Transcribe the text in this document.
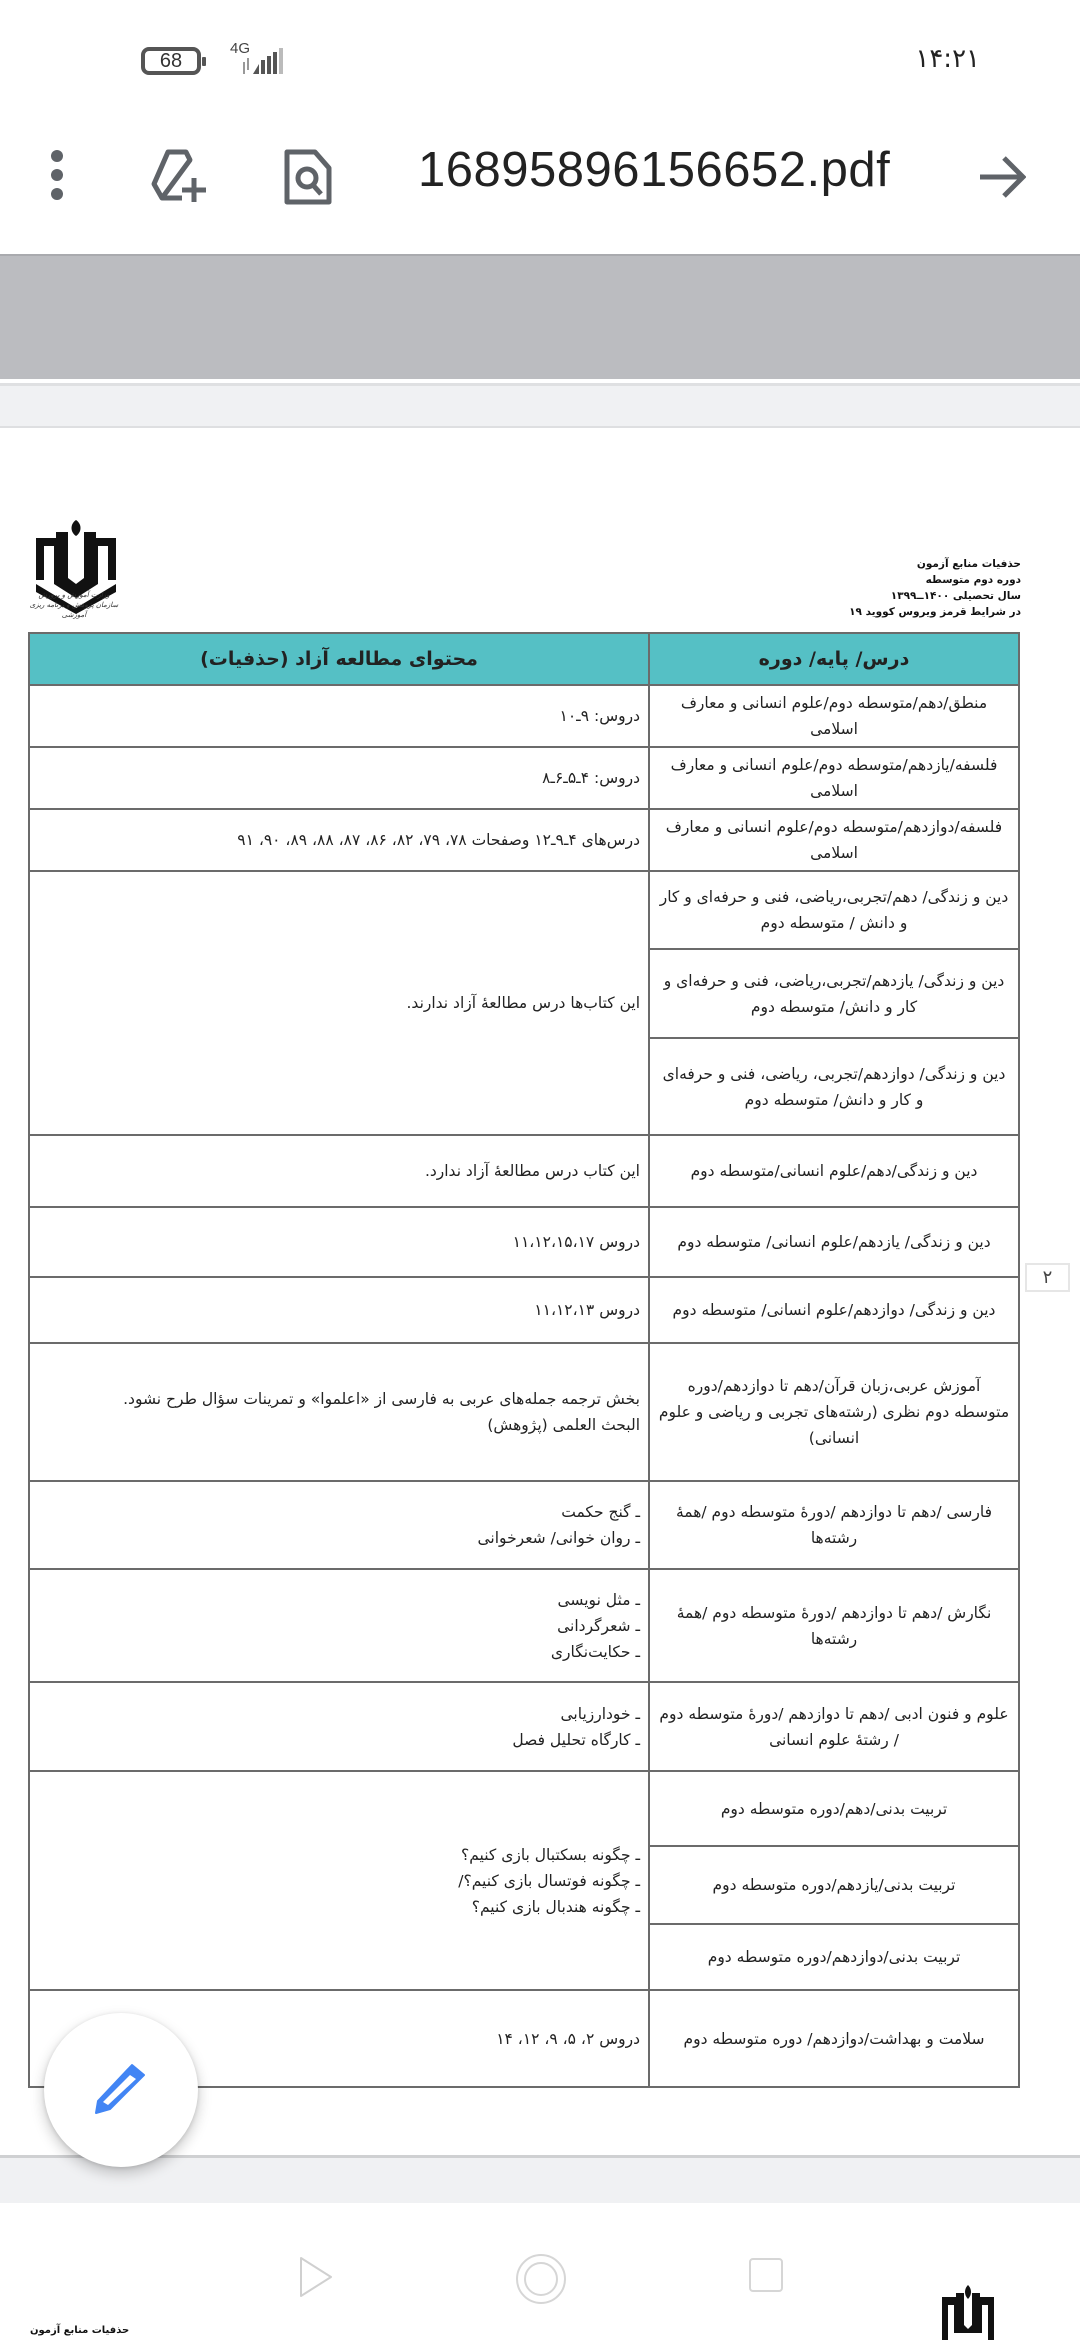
68
4G	۱۴:۲۱
16895896156652.pdf
وزارت آموزش و پرورش
سازمان پژوهش و برنامه ریزی آموزشی
حذفیات منابع آزمون
دوره دوم متوسطه
سال تحصیلی ۱۴۰۰ــ۱۳۹۹
در شرایط قرمز ویروس کووید ۱۹
درس/ پایه/ دوره	محتوای مطالعه آزاد (حذفیات)
منطق/دهم/متوسطه دوم/علوم انسانی و معارف اسلامی	دروس: ۹ـ۱۰
فلسفه/یازدهم/متوسطه دوم/علوم انسانی و معارف اسلامی	دروس: ۴ـ۵ـ۶ـ۸
فلسفه/دوازدهم/متوسطه دوم/علوم انسانی و معارف اسلامی	درس‌های ۴ـ۹ـ۱۲ وصفحات ۷۸، ۷۹، ۸۲، ۸۶، ۸۷، ۸۸، ۸۹، ۹۰، ۹۱
دین و زندگی/ دهم/تجربی،ریاضی، فنی و حرفه‌ای و کار و دانش / متوسطه دوم	این کتاب‌ها درس مطالعهٔ آزاد ندارند.
دین و زندگی/ یازدهم/تجربی،ریاضی، فنی و حرفه‌ای و کار و دانش/ متوسطه دوم	
دین و زندگی/ دوازدهم/تجربی، ریاضی، فنی و حرفه‌ای و کار و دانش/ متوسطه دوم	
دین و زندگی/دهم/علوم انسانی/متوسطه دوم	این کتاب درس مطالعهٔ آزاد ندارد.
دین و زندگی/ یازدهم/علوم انسانی/ متوسطه دوم	دروس ۱۱،۱۲،۱۵،۱۷
دین و زندگی/ دوازدهم/علوم انسانی/ متوسطه دوم	دروس ۱۱،۱۲،۱۳
آموزش عربی،زبان قرآن/دهم تا دوازدهم/دوره متوسطه دوم نظری (رشته‌های تجربی و ریاضی و علوم انسانی)	بخش ترجمه جمله‌های عربی به فارسی از «اعلموا» و تمرینات سؤال طرح نشود.
البحث العلمی (پژوهش)

فارسی /دهم تا دوازدهم /دورهٔ متوسطه دوم /همهٔ رشته‌ها	ـ گنج حکمت
ـ روان خوانی/ شعرخوانی

نگارش /دهم تا دوازدهم /دورهٔ متوسطه دوم /همهٔ رشته‌ها	ـ مثل نویسی
ـ شعرگردانی
ـ حکایت‌نگاری

علوم و فنون ادبی /دهم تا دوازدهم /دورهٔ متوسطه دوم / رشتهٔ علوم انسانی	ـ خودارزیابی
ـ کارگاه تحلیل فصل

تربیت بدنی/دهم/دوره متوسطه دوم	ـ چگونه بسکتبال بازی کنیم؟
ـ چگونه فوتسال بازی کنیم؟/
ـ چگونه هندبال بازی کنیم؟

تربیت بدنی/یازدهم/دوره متوسطه دوم	
تربیت بدنی/دوازدهم/دوره متوسطه دوم	
سلامت و بهداشت/دوازدهم/ دوره متوسطه دوم	دروس ۲، ۵، ۹، ۱۲، ۱۴
۲
حذفیات منابع آزمون
